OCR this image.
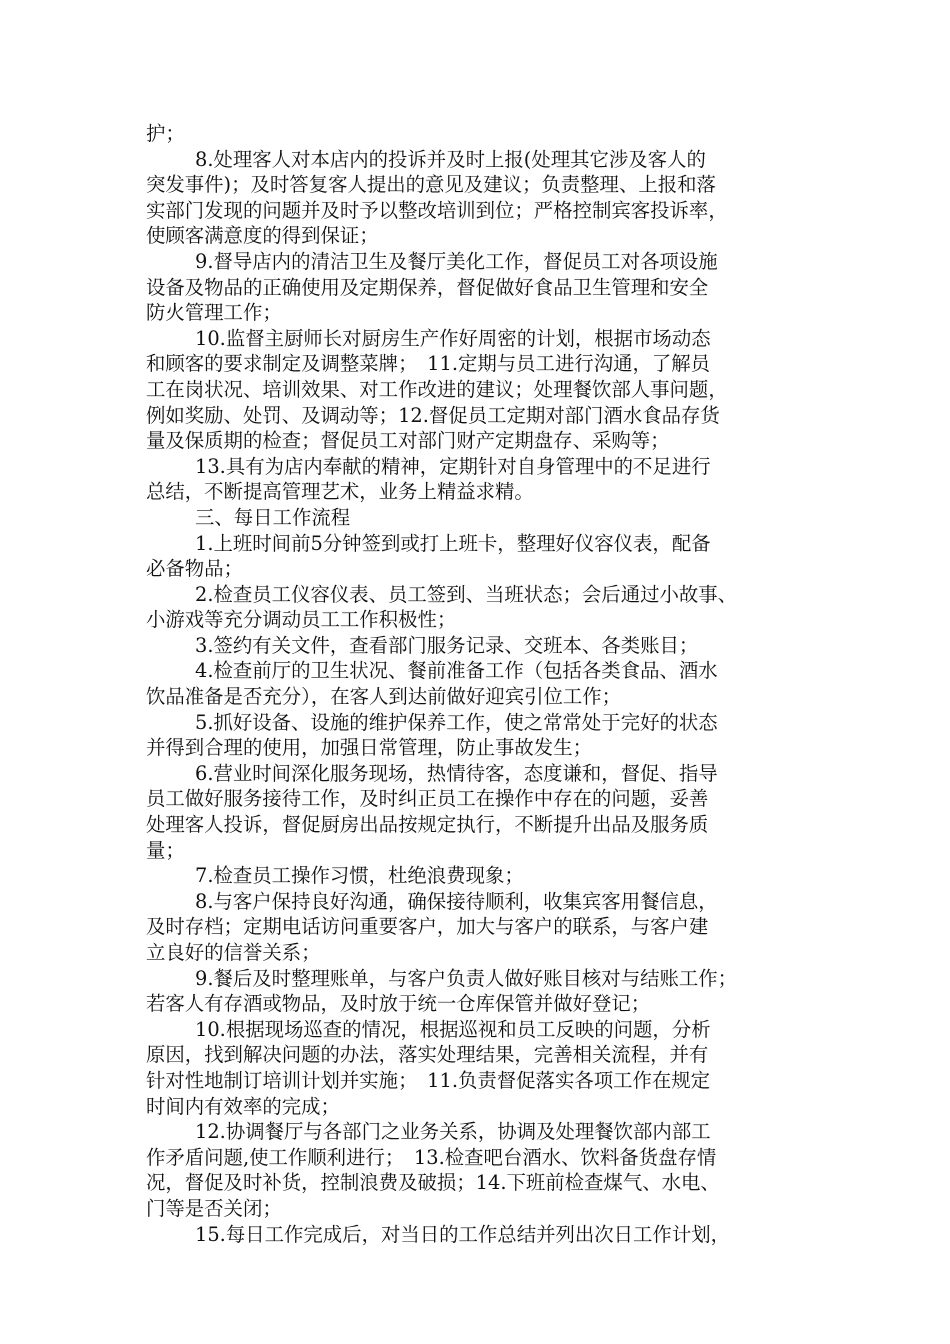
护；
8.处理客人对本店内的投诉并及时上报(处理其它涉及客人的
突发事件)；及时答复客人提出的意见及建议；负责整理、上报和落
实部门发现的问题并及时予以整改培训到位；严格控制宾客投诉率，
使顾客满意度的得到保证；
9.督导店内的清洁卫生及餐厅美化工作，督促员工对各项设施
设备及物品的正确使用及定期保养，督促做好食品卫生管理和安全
防火管理工作；
10.监督主厨师长对厨房生产作好周密的计划，根据市场动态
和顾客的要求制定及调整菜牌；　11.定期与员工进行沟通，了解员
工在岗状况、培训效果、对工作改进的建议；处理餐饮部人事问题，
例如奖励、处罚、及调动等；12.督促员工定期对部门酒水食品存货
量及保质期的检查；督促员工对部门财产定期盘存、采购等；
13.具有为店内奉献的精神，定期针对自身管理中的不足进行
总结，不断提高管理艺术，业务上精益求精。
三、每日工作流程
1.上班时间前5分钟签到或打上班卡，整理好仪容仪表，配备
必备物品；
2.检查员工仪容仪表、员工签到、当班状态；会后通过小故事、
小游戏等充分调动员工工作积极性；
3.签约有关文件，查看部门服务记录、交班本、各类账目；
4.检查前厅的卫生状况、餐前准备工作（包括各类食品、酒水
饮品准备是否充分），在客人到达前做好迎宾引位工作；
5.抓好设备、设施的维护保养工作，使之常常处于完好的状态
并得到合理的使用，加强日常管理，防止事故发生；
6.营业时间深化服务现场，热情待客，态度谦和，督促、指导
员工做好服务接待工作，及时纠正员工在操作中存在的问题，妥善
处理客人投诉，督促厨房出品按规定执行，不断提升出品及服务质
量；
7.检查员工操作习惯，杜绝浪费现象；
8.与客户保持良好沟通，确保接待顺利，收集宾客用餐信息，
及时存档；定期电话访问重要客户，加大与客户的联系，与客户建
立良好的信誉关系；
9.餐后及时整理账单，与客户负责人做好账目核对与结账工作；
若客人有存酒或物品，及时放于统一仓库保管并做好登记；
10.根据现场巡查的情况，根据巡视和员工反映的问题，分析
原因，找到解决问题的办法，落实处理结果，完善相关流程，并有
针对性地制订培训计划并实施；　11.负责督促落实各项工作在规定
时间内有效率的完成；
12.协调餐厅与各部门之业务关系，协调及处理餐饮部内部工
作矛盾问题,使工作顺利进行；　13.检查吧台酒水、饮料备货盘存情
况，督促及时补货，控制浪费及破损；14.下班前检查煤气、水电、
门等是否关闭；
15.每日工作完成后，对当日的工作总结并列出次日工作计划，
